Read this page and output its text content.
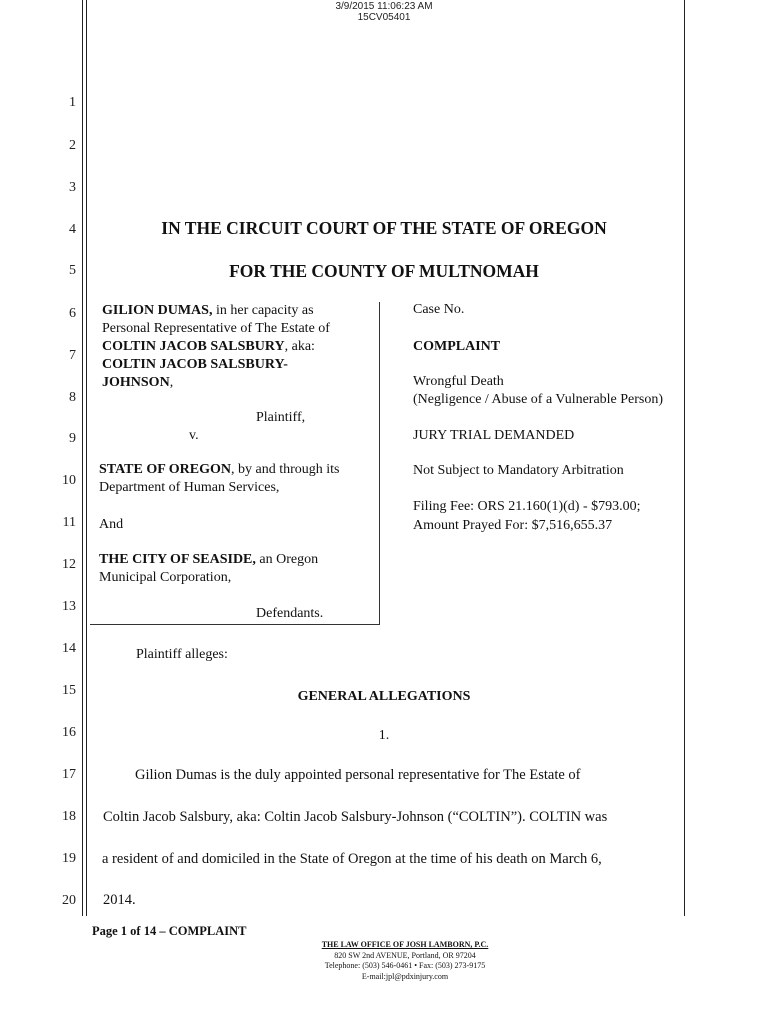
3/9/2015 11:06:23 AM
15CV05401
1
2
3
4
5
6
7
8
9
10
11
12
13
14
15
16
17
18
19
20
IN THE CIRCUIT COURT OF THE STATE OF OREGON
FOR THE COUNTY OF MULTNOMAH
GILION DUMAS, in her capacity as
Personal Representative of The Estate of
COLTIN JACOB SALSBURY, aka:
COLTIN JACOB SALSBURY-
JOHNSON,
Plaintiff,
v.
STATE OF OREGON, by and through its
Department of Human Services,
And
THE CITY OF SEASIDE, an Oregon
Municipal Corporation,
Defendants.
Case No.
COMPLAINT
Wrongful Death
(Negligence / Abuse of a Vulnerable Person)
JURY TRIAL DEMANDED
Not Subject to Mandatory Arbitration
Filing Fee: ORS 21.160(1)(d) - $793.00;
Amount Prayed For: $7,516,655.37
Plaintiff alleges:
GENERAL ALLEGATIONS
1.
Gilion Dumas is the duly appointed personal representative for The Estate of
Coltin Jacob Salsbury, aka: Coltin Jacob Salsbury-Johnson (“COLTIN”). COLTIN was
a resident of and domiciled in the State of Oregon at the time of his death on March 6,
2014.
Page 1 of 14 – COMPLAINT
THE LAW OFFICE OF JOSH LAMBORN, P.C.
820 SW 2nd AVENUE, Portland, OR 97204
Telephone: (503) 546-0461 • Fax: (503) 273-9175
E-mail:jpl@pdxinjury.com
